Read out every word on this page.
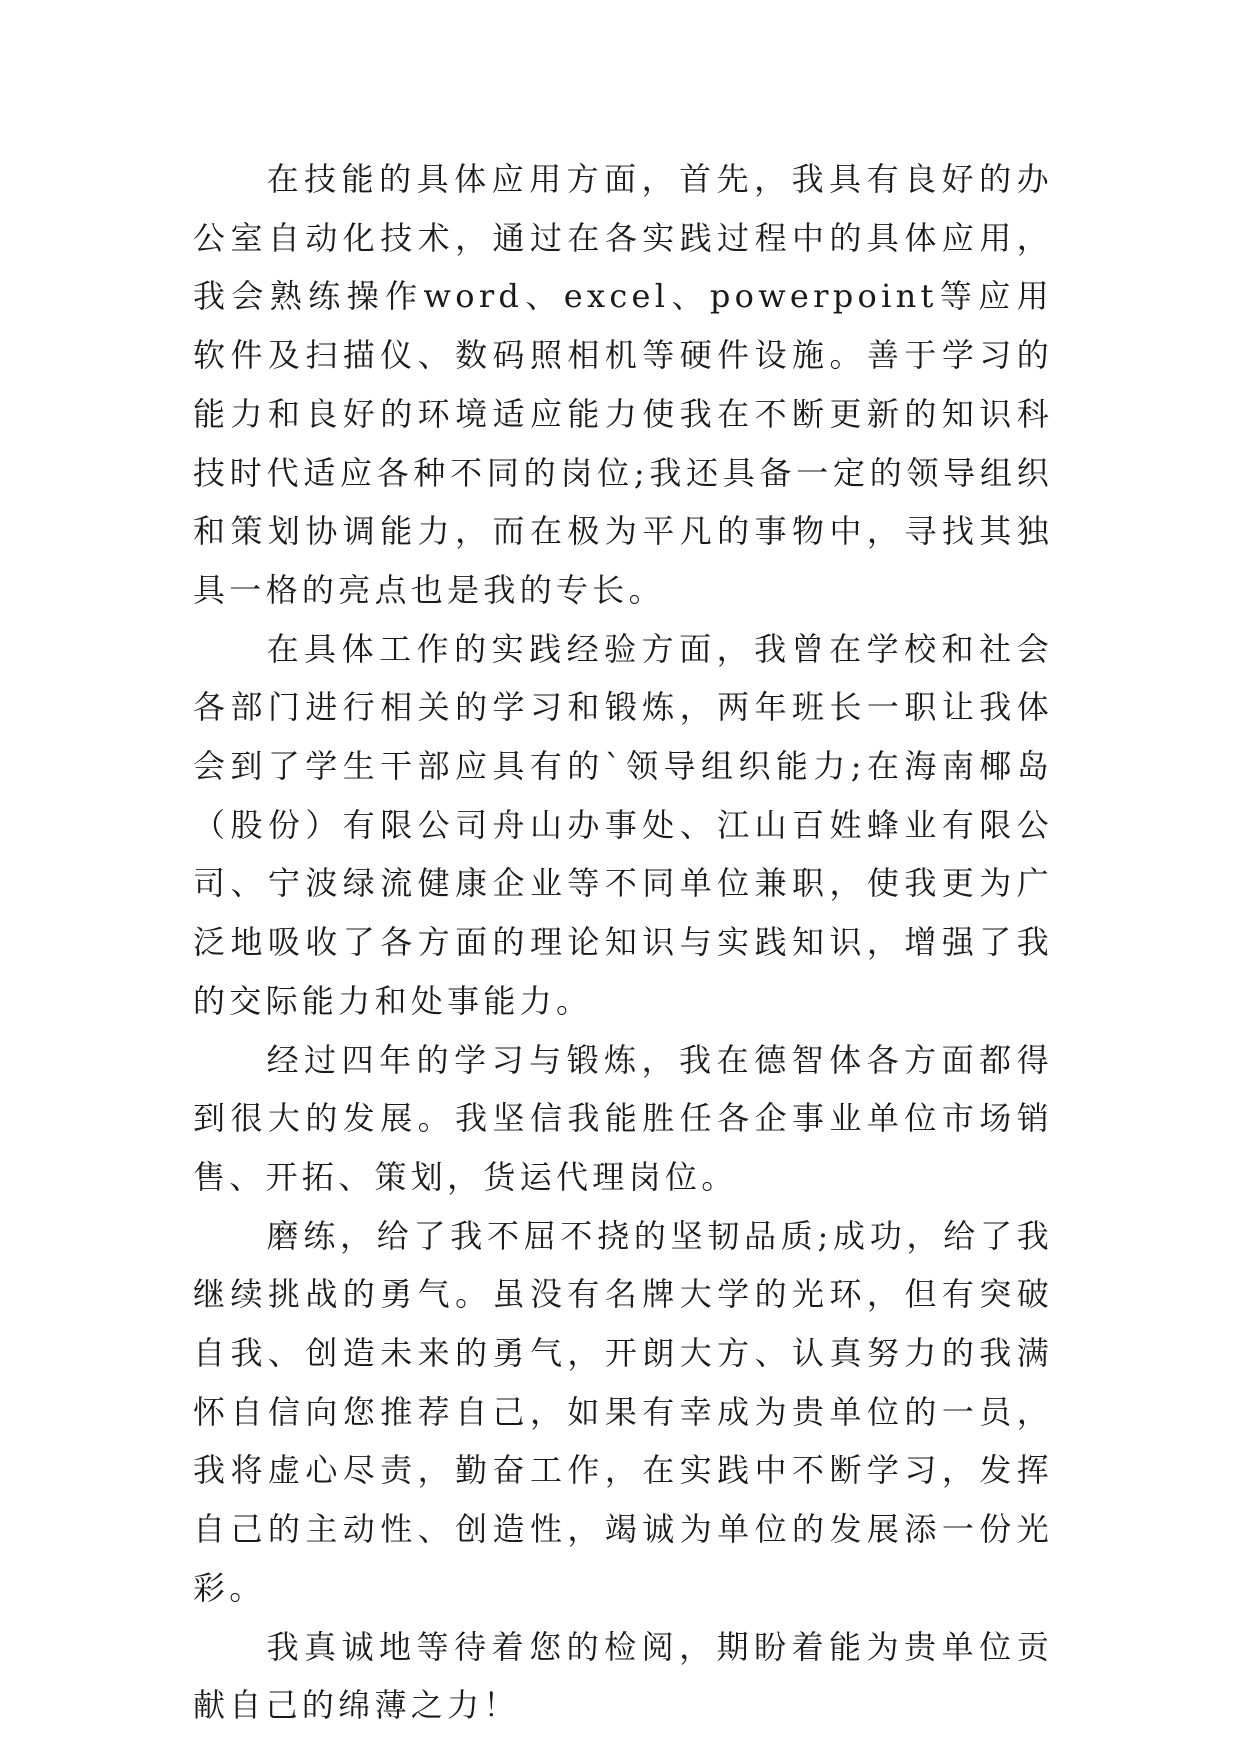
在技能的具体应用方面，首先，我具有良好的办公室自动化技术，通过在各实践过程中的具体应用，我会熟练操作word、excel、powerpoint等应用软件及扫描仪、数码照相机等硬件设施。善于学习的能力和良好的环境适应能力使我在不断更新的知识科技时代适应各种不同的岗位;我还具备一定的领导组织和策划协调能力，而在极为平凡的事物中，寻找其独具一格的亮点也是我的专长。

在具体工作的实践经验方面，我曾在学校和社会各部门进行相关的学习和锻炼，两年班长一职让我体会到了学生干部应具有的`领导组织能力;在海南椰岛（股份）有限公司舟山办事处、江山百姓蜂业有限公司、宁波绿流健康企业等不同单位兼职，使我更为广泛地吸收了各方面的理论知识与实践知识，增强了我的交际能力和处事能力。

经过四年的学习与锻炼，我在德智体各方面都得到很大的发展。我坚信我能胜任各企事业单位市场销售、开拓、策划，货运代理岗位。

磨练，给了我不屈不挠的坚韧品质;成功，给了我继续挑战的勇气。虽没有名牌大学的光环，但有突破自我、创造未来的勇气，开朗大方、认真努力的我满怀自信向您推荐自己，如果有幸成为贵单位的一员，我将虚心尽责，勤奋工作，在实践中不断学习，发挥自己的主动性、创造性，竭诚为单位的发展添一份光彩。

我真诚地等待着您的检阅，期盼着能为贵单位贡献自己的绵薄之力！
